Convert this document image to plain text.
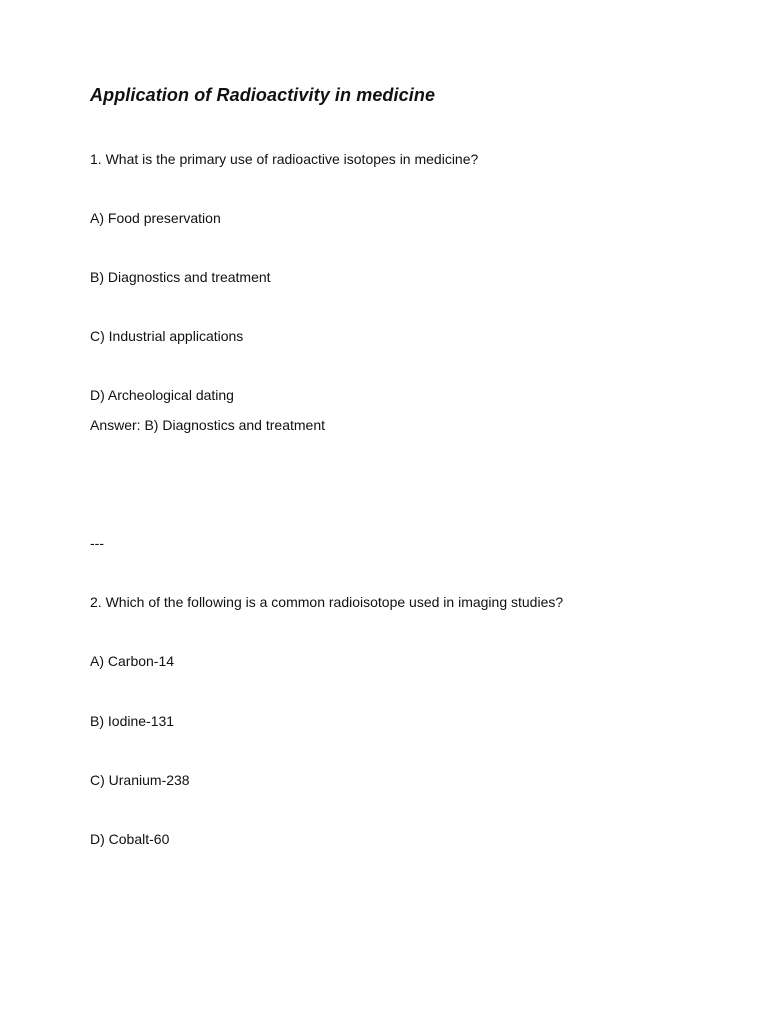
Application of Radioactivity in medicine
1. What is the primary use of radioactive isotopes in medicine?
A) Food preservation
B) Diagnostics and treatment
C) Industrial applications
D) Archeological dating
Answer: B) Diagnostics and treatment
---
2. Which of the following is a common radioisotope used in imaging studies?
A) Carbon-14
B) Iodine-131
C) Uranium-238
D) Cobalt-60
